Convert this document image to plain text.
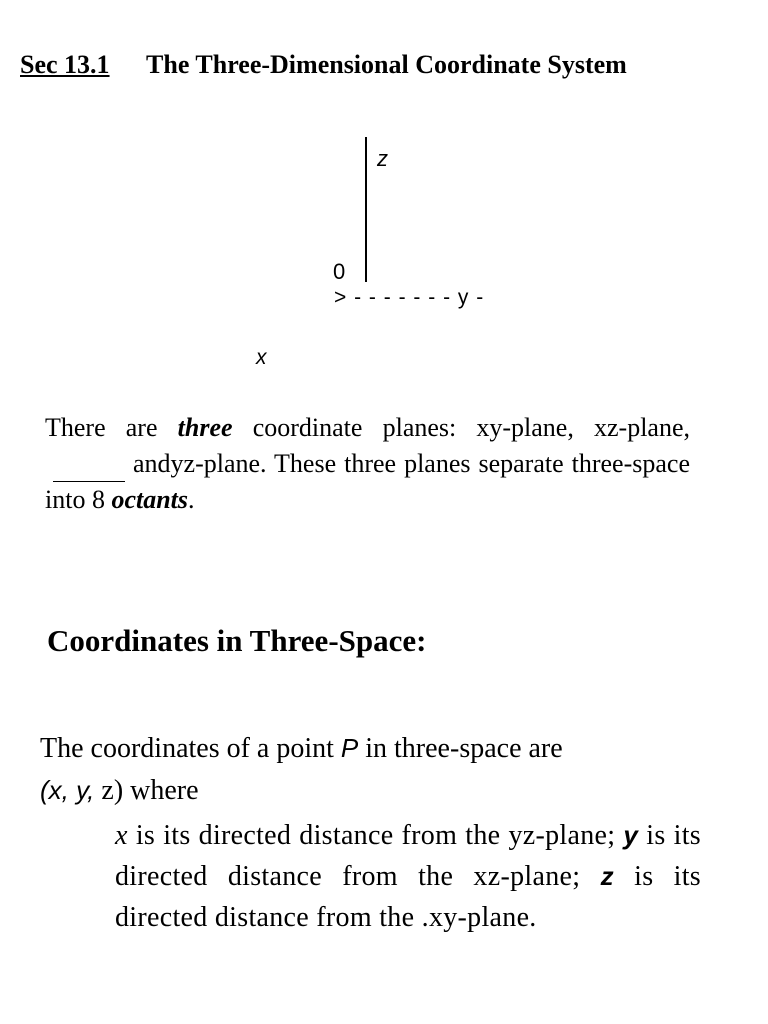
Sec 13.1 The Three-Dimensional Coordinate System
z
0
> - - - - - - - y -
x

There are three coordinate planes: xy-plane, xz-plane,  andyz-plane. These three planes separate three-space into 8 octants.

Coordinates in Three-Space:
The coordinates of a point P in three-space are
(x, y, z) where

x is its directed distance from the yz-plane; y is its directed distance from the xz-plane; z is its directed distance from the .xy-plane.
